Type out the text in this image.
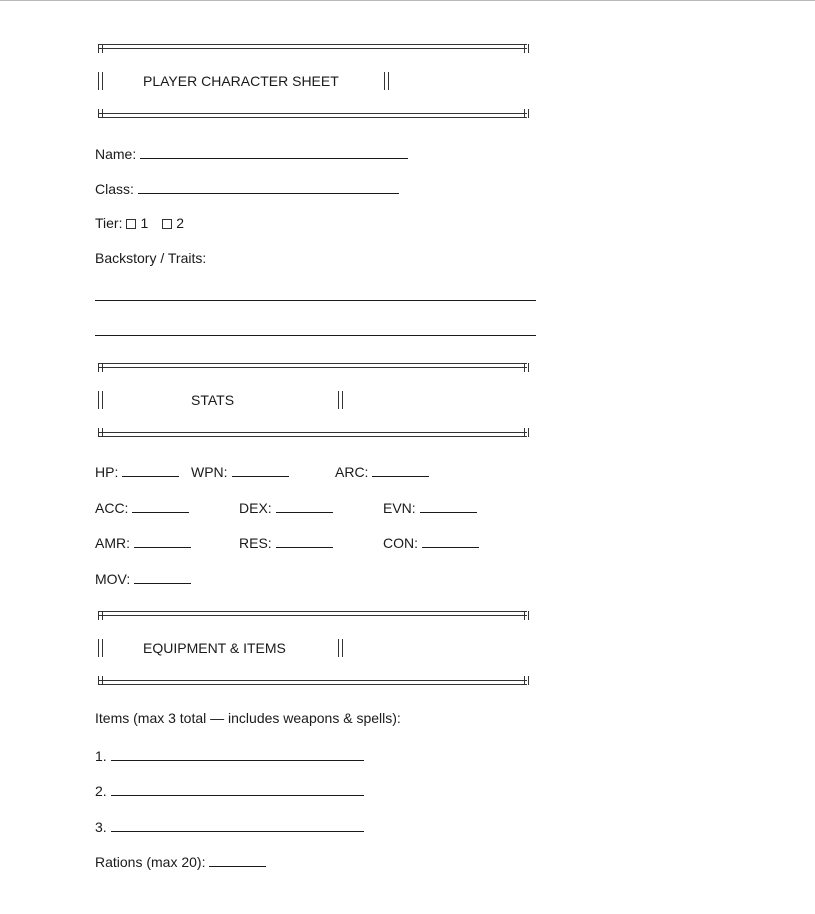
PLAYER CHARACTER SHEET
Name:
Class:
Tier: 1 2
Backstory / Traits:
STATS
HP:	WPN:	ARC:
ACC:	DEX:	EVN:
AMR:	RES:	CON:
MOV:
EQUIPMENT & ITEMS
Items (max 3 total — includes weapons & spells):
1.
2.
3.
Rations (max 20):
